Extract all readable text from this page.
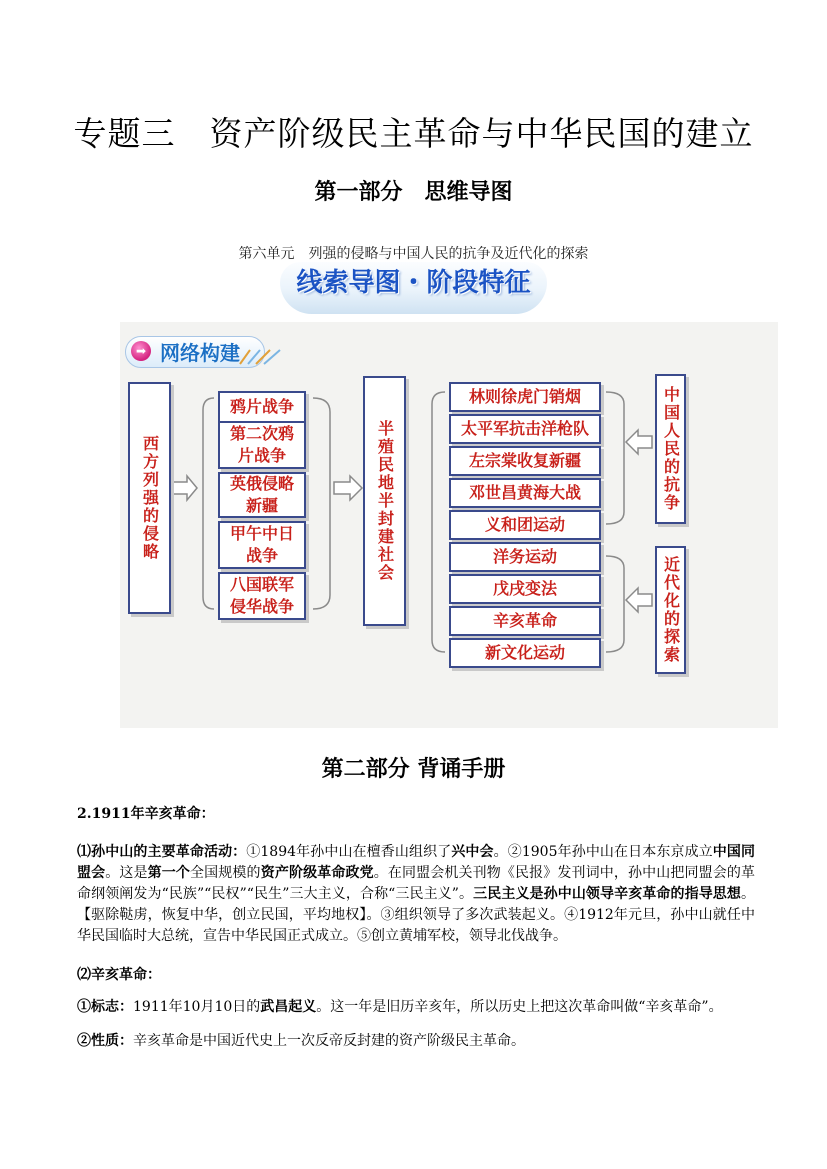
专题三　资产阶级民主革命与中华民国的建立
第一部分　思维导图
第六单元　列强的侵略与中国人民的抗争及近代化的探索
线索导图・阶段特征
➡ 网络构建
西方列强的侵略
鸦片战争
第二次鸦片战争
英俄侵略新疆
甲午中日战争
八国联军侵华战争
半殖民地半封建社会
林则徐虎门销烟
太平军抗击洋枪队
左宗棠收复新疆
邓世昌黄海大战
义和团运动
洋务运动
戊戌变法
辛亥革命
新文化运动
中国人民的抗争
近代化的探索
第二部分 背诵手册
2.1911年辛亥革命：
⑴孙中山的主要革命活动：①1894年孙中山在檀香山组织了兴中会。②1905年孙中山在日本东京成立中国同盟会。这是第一个全国规模的资产阶级革命政党。在同盟会机关刊物《民报》发刊词中，孙中山把同盟会的革命纲领阐发为“民族”“民权”“民生”三大主义，合称“三民主义”。三民主义是孙中山领导辛亥革命的指导思想。【驱除鞑虏，恢复中华，创立民国，平均地权】。③组织领导了多次武装起义。④1912年元旦，孙中山就任中华民国临时大总统，宣告中华民国正式成立。⑤创立黄埔军校，领导北伐战争。
⑵辛亥革命：
①标志：1911年10月10日的武昌起义。这一年是旧历辛亥年，所以历史上把这次革命叫做“辛亥革命”。
②性质：辛亥革命是中国近代史上一次反帝反封建的资产阶级民主革命。
